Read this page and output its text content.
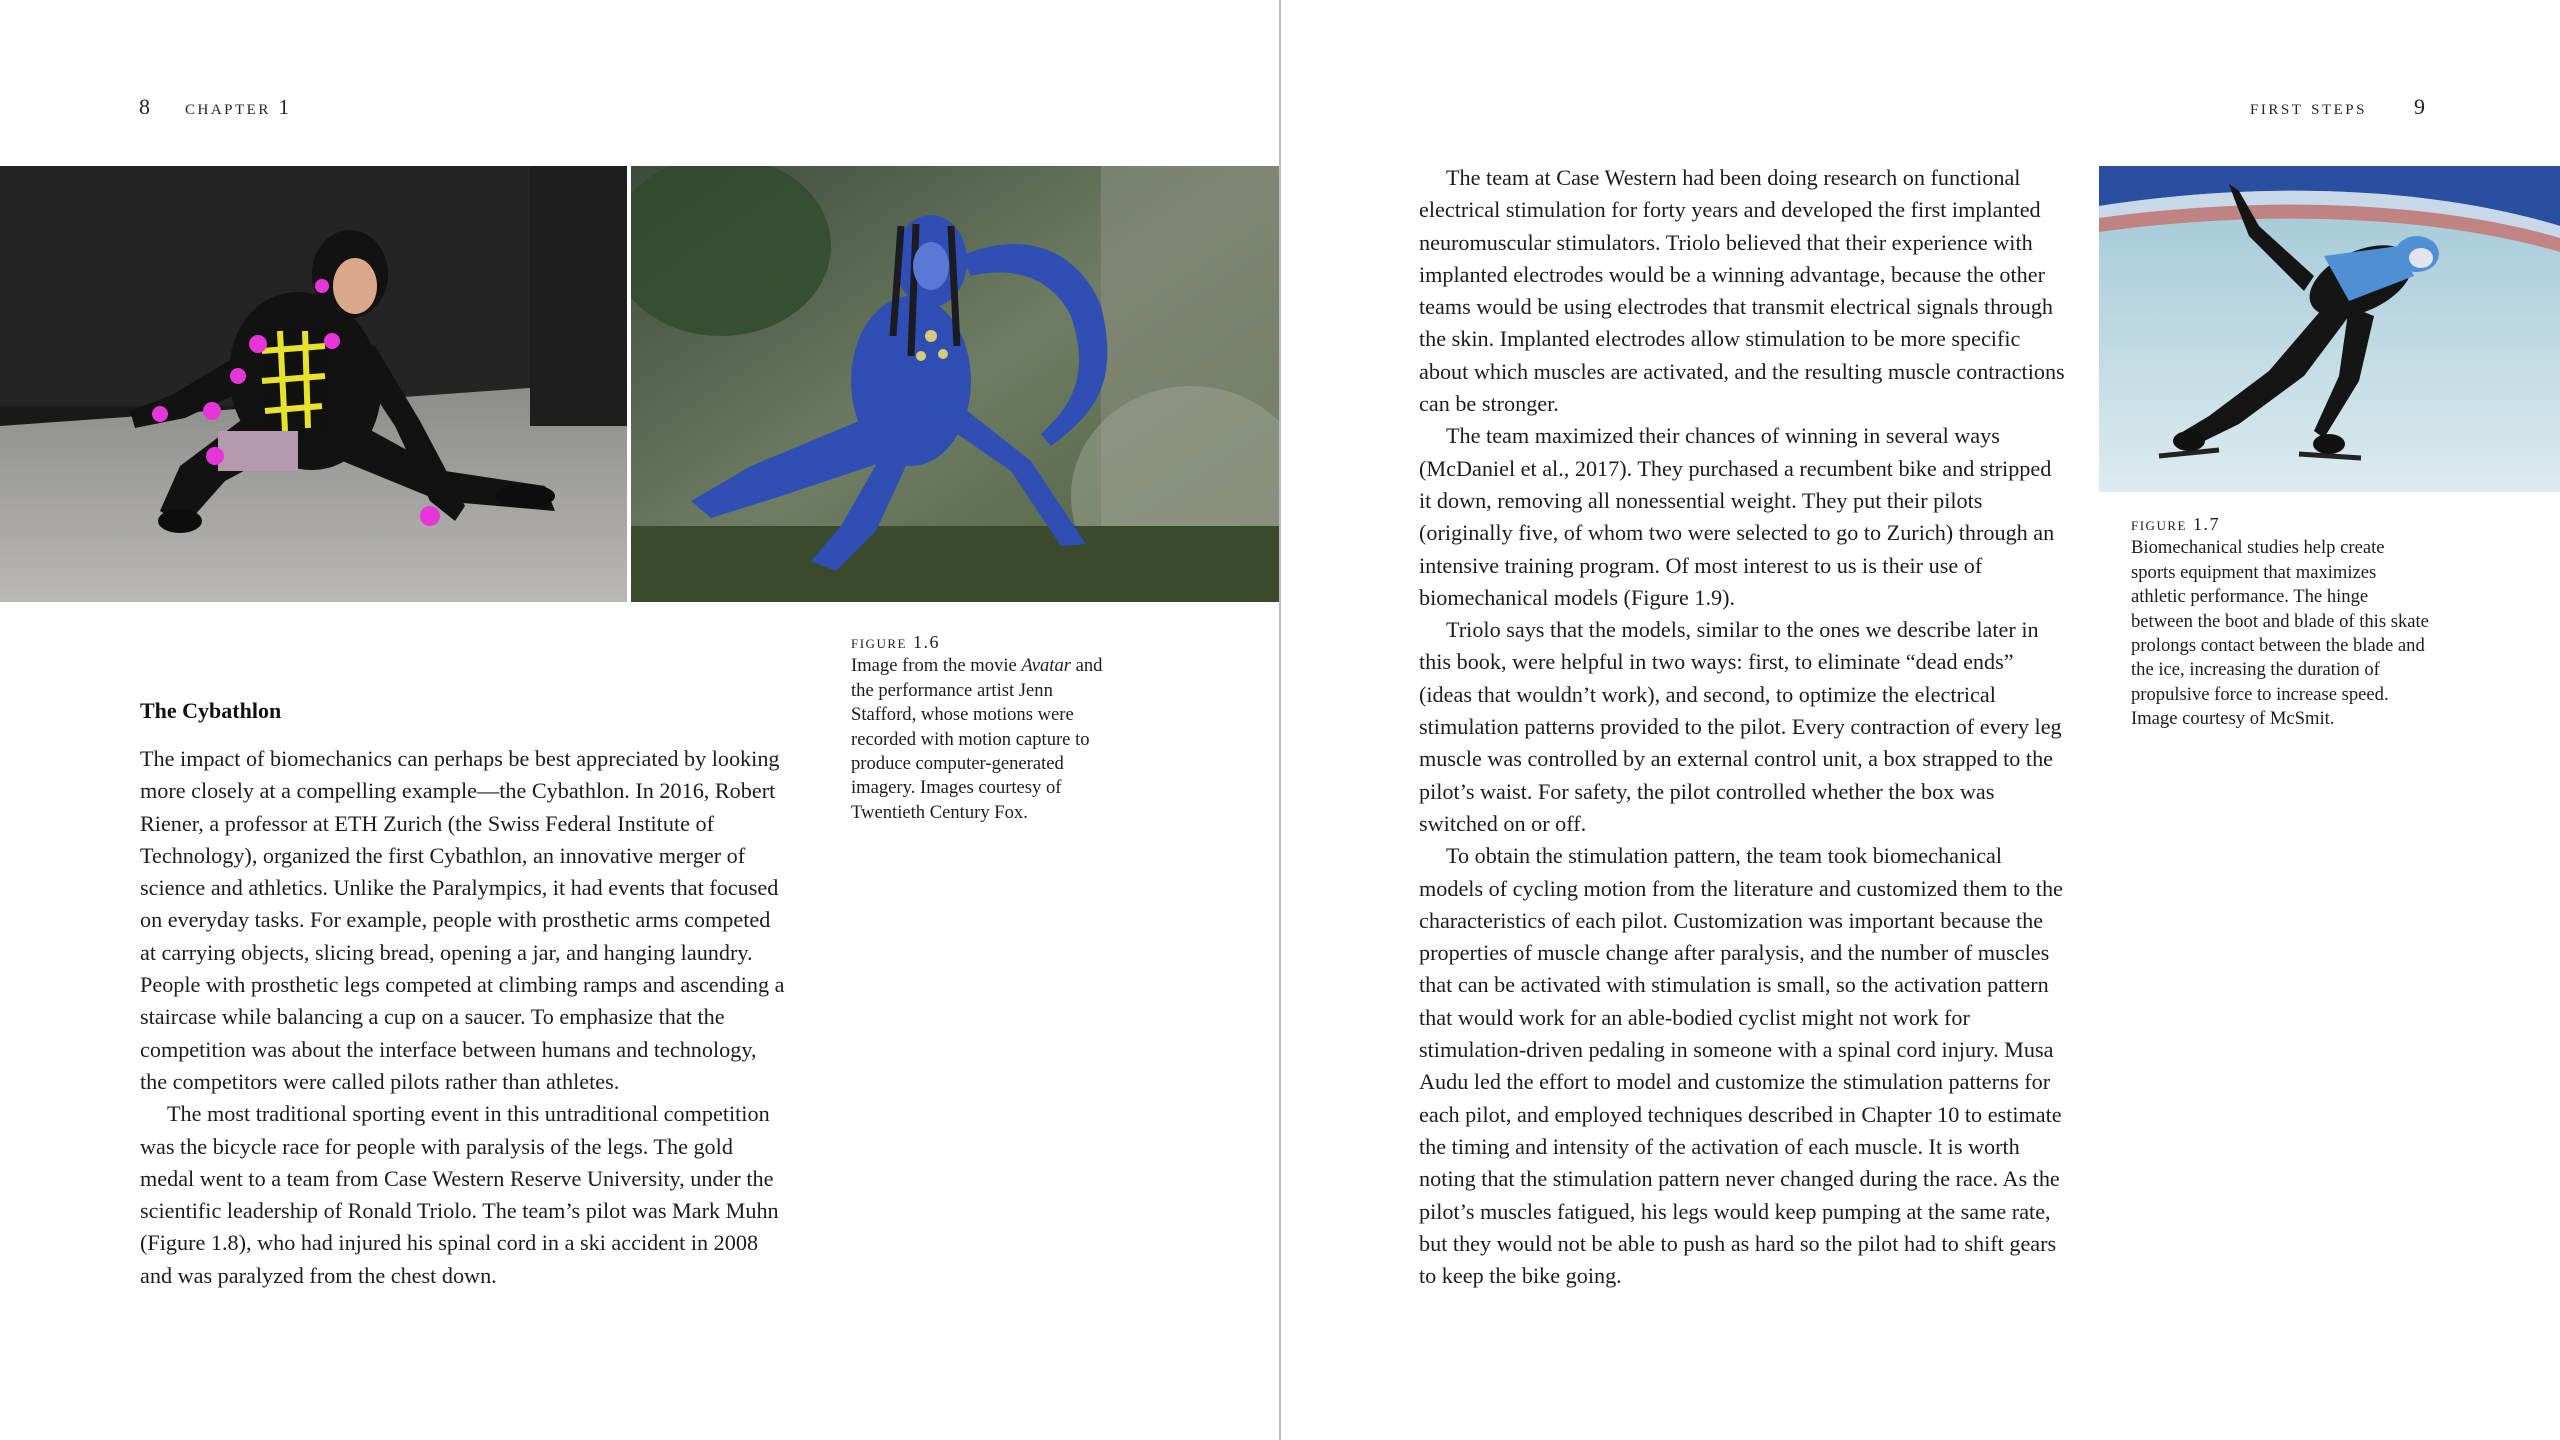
8 chapter 1
figure 1.6
Image from the movie Avatar and the performance artist Jenn Stafford, whose motions were recorded with motion capture to produce computer-generated imagery. Images courtesy of Twentieth Century Fox.
The Cybathlon

The impact of biomechanics can perhaps be best appreciated by looking more closely at a compelling example—the Cybathlon. In 2016, Robert Riener, a professor at ETH Zurich (the Swiss Federal Institute of Technology), organized the first Cybathlon, an innovative merger of science and athletics. Unlike the Paralympics, it had events that focused on everyday tasks. For example, people with prosthetic arms competed at carrying objects, slicing bread, opening a jar, and hanging laundry. People with prosthetic legs competed at climbing ramps and ascending a staircase while balancing a cup on a saucer. To emphasize that the competition was about the interface between humans and technology, the competitors were called pilots rather than athletes.

The most traditional sporting event in this untraditional competition was the bicycle race for people with paralysis of the legs. The gold medal went to a team from Case Western Reserve University, under the scientific leadership of Ronald Triolo. The team’s pilot was Mark Muhn (Figure 1.8), who had injured his spinal cord in a ski accident in 2008 and was paralyzed from the chest down.

first steps 9

The team at Case Western had been doing research on functional electrical stimulation for forty years and developed the first implanted neuromuscular stimulators. Triolo believed that their experience with implanted electrodes would be a winning advantage, because the other teams would be using electrodes that transmit electrical signals through the skin. Implanted electrodes allow stimulation to be more specific about which muscles are activated, and the resulting muscle contractions can be stronger.

The team maximized their chances of winning in several ways (McDaniel et al., 2017). They purchased a recumbent bike and stripped it down, removing all nonessential weight. They put their pilots (originally five, of whom two were selected to go to Zurich) through an intensive training program. Of most interest to us is their use of biomechanical models (Figure 1.9).

Triolo says that the models, similar to the ones we describe later in this book, were helpful in two ways: first, to eliminate “dead ends” (ideas that wouldn’t work), and second, to optimize the electrical stimulation patterns provided to the pilot. Every contraction of every leg muscle was controlled by an external control unit, a box strapped to the pilot’s waist. For safety, the pilot controlled whether the box was switched on or off.

To obtain the stimulation pattern, the team took biomechanical models of cycling motion from the literature and customized them to the characteristics of each pilot. Customization was important because the properties of muscle change after paralysis, and the number of muscles that can be activated with stimulation is small, so the activation pattern that would work for an able-bodied cyclist might not work for stimulation-driven pedaling in someone with a spinal cord injury. Musa Audu led the effort to model and customize the stimulation patterns for each pilot, and employed techniques described in Chapter 10 to estimate the timing and intensity of the activation of each muscle. It is worth noting that the stimulation pattern never changed during the race. As the pilot’s muscles fatigued, his legs would keep pumping at the same rate, but they would not be able to push as hard so the pilot had to shift gears to keep the bike going.

figure 1.7
Biomechanical studies help create sports equipment that maximizes athletic performance. The hinge between the boot and blade of this skate prolongs contact between the blade and the ice, increasing the duration of propulsive force to increase speed. Image courtesy of McSmit.
